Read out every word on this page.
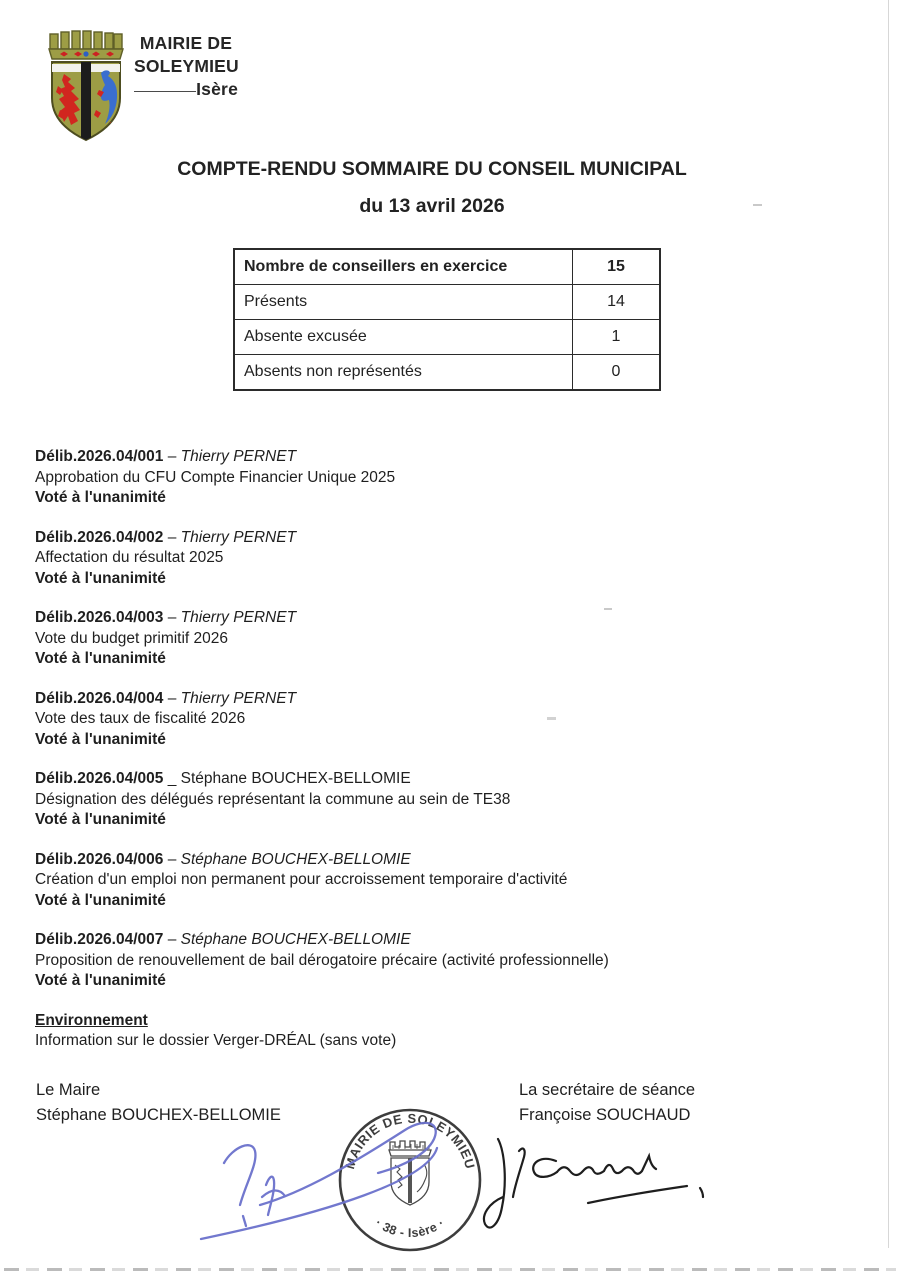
MAIRIE DE
SOLEYMIEU
Isère
COMPTE-RENDU SOMMAIRE DU CONSEIL MUNICIPAL
du 13 avril 2026
Nombre de conseillers en exercice	15
Présents	14
Absente excusée	1
Absents non représentés	0
Délib.2026.04/001 – Thierry PERNET
Approbation du CFU Compte Financier Unique 2025
Voté à l'unanimité
Délib.2026.04/002 – Thierry PERNET
Affectation du résultat 2025
Voté à l'unanimité
Délib.2026.04/003 – Thierry PERNET
Vote du budget primitif 2026
Voté à l'unanimité
Délib.2026.04/004 – Thierry PERNET
Vote des taux de fiscalité 2026
Voté à l'unanimité
Délib.2026.04/005 _ Stéphane BOUCHEX-BELLOMIE
Désignation des délégués représentant la commune au sein de TE38
Voté à l'unanimité
Délib.2026.04/006 – Stéphane BOUCHEX-BELLOMIE
Création d'un emploi non permanent pour accroissement temporaire d'activité
Voté à l'unanimité
Délib.2026.04/007 – Stéphane BOUCHEX-BELLOMIE
Proposition de renouvellement de bail dérogatoire précaire (activité professionnelle)
Voté à l'unanimité
Environnement
Information sur le dossier Verger-DRÉAL (sans vote)
Le Maire
Stéphane BOUCHEX-BELLOMIE
La secrétaire de séance
Françoise SOUCHAUD
MAIRIE DE SOLEYMIEU
· 38 - Isère ·
